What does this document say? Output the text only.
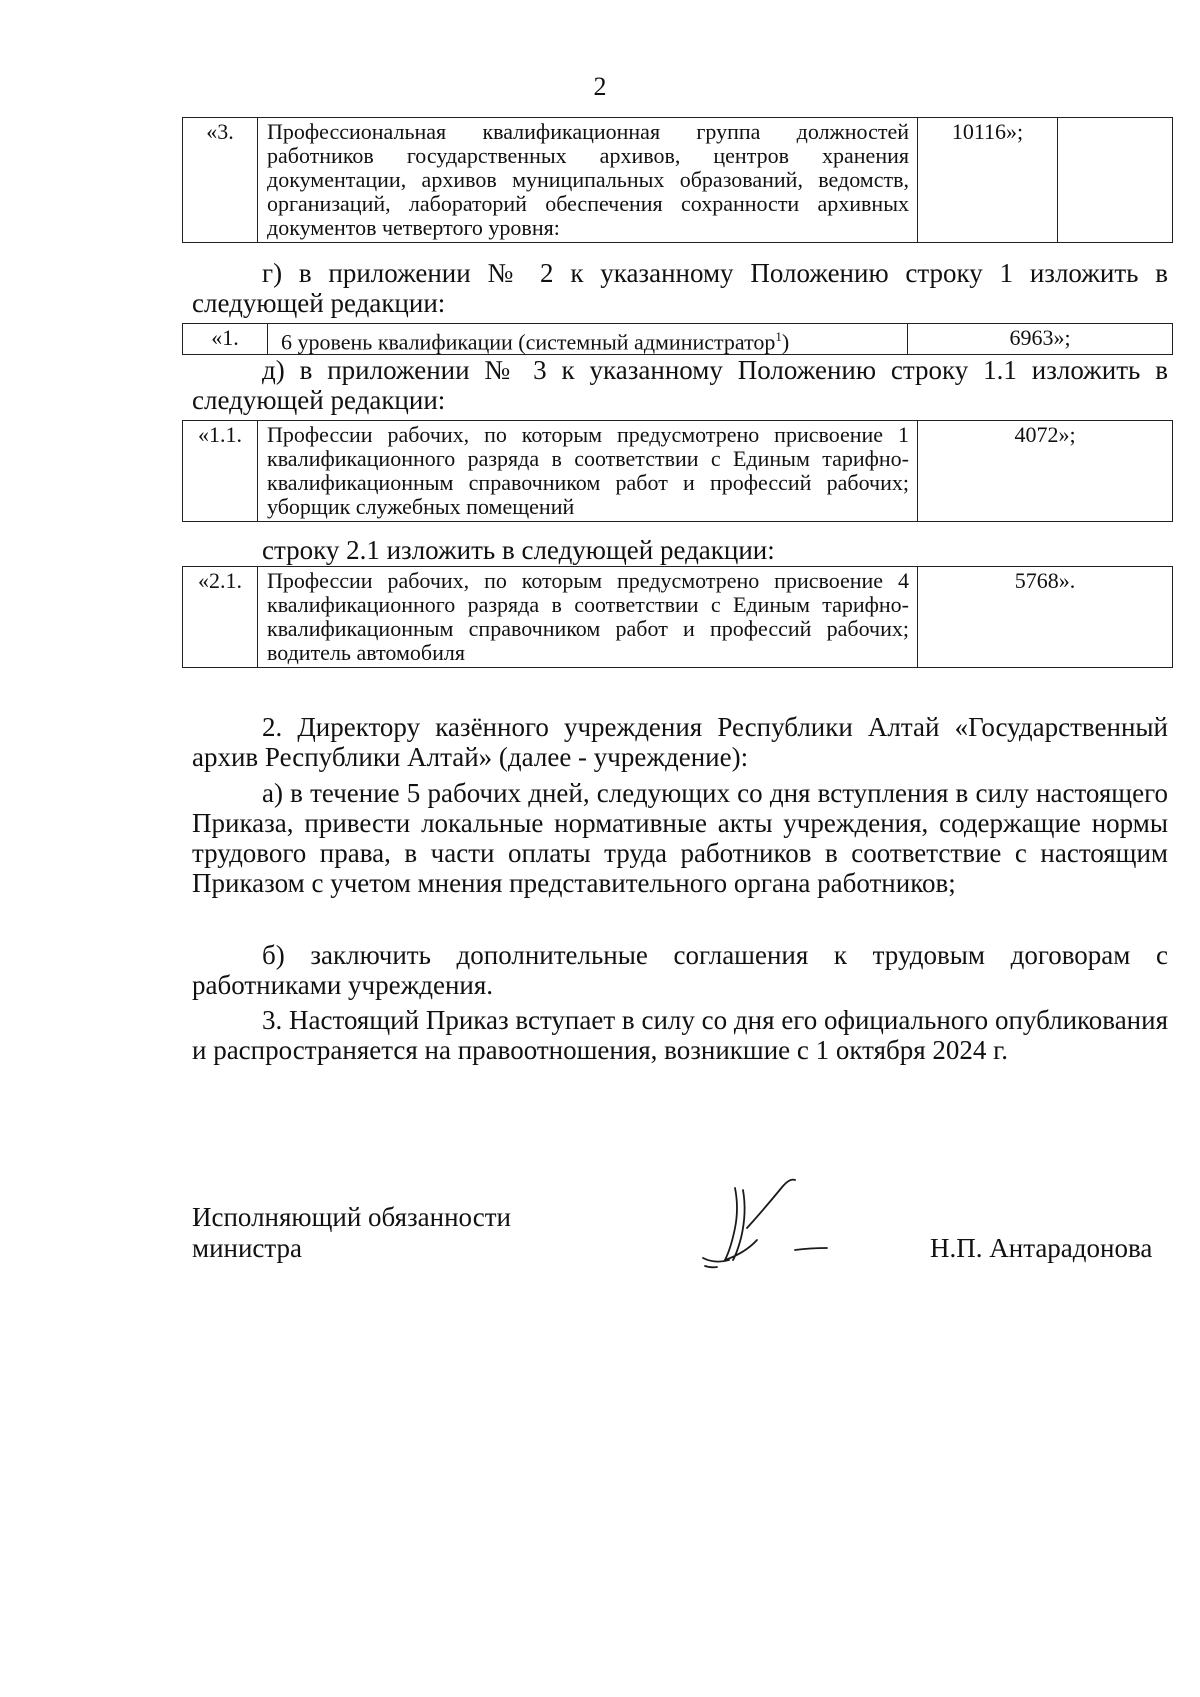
2
«3.	Профессиональная квалификационная группа должностей работников государственных архивов, центров хранения документации, архивов муниципальных образований, ведомств, организаций, лабораторий обеспечения сохранности архивных документов четвертого уровня:	10116»;	

г) в приложении № 2 к указанному Положению строку 1 изложить в следующей редакции:

«1.	6 уровень квалификации (системный администратор$^1$)	6963»;

д) в приложении № 3 к указанному Положению строку 1.1 изложить в следующей редакции:

«1.1.	Профессии рабочих, по которым предусмотрено присвоение 1 квалификационного разряда в соответствии с Единым тарифно-квалификационным справочником работ и профессий рабочих; уборщик служебных помещений	4072»;

строку 2.1 изложить в следующей редакции:

«2.1.	Профессии рабочих, по которым предусмотрено присвоение 4 квалификационного разряда в соответствии с Единым тарифно-квалификационным справочником работ и профессий рабочих; водитель автомобиля	5768».

2. Директору казённого учреждения Республики Алтай «Государственный архив Республики Алтай» (далее - учреждение):

а) в течение 5 рабочих дней, следующих со дня вступления в силу настоящего Приказа, привести локальные нормативные акты учреждения, содержащие нормы трудового права, в части оплаты труда работников в соответствие с настоящим Приказом с учетом мнения представительного органа работников;

б) заключить дополнительные соглашения к трудовым договорам с работниками учреждения.

3. Настоящий Приказ вступает в силу со дня его официального опубликования и распространяется на правоотношения, возникшие с 1 октября 2024 г.

Исполняющий обязанности
министра	Н.П. Антарадонова
